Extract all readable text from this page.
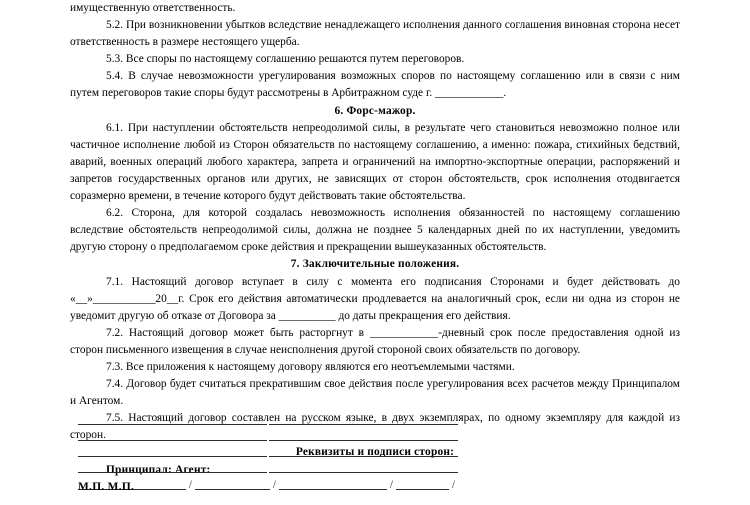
имущественную ответственность.

5.2. При возникновении убытков вследствие ненадлежащего исполнения данного соглашения виновная сторона несет ответственность в размере нестоящего ущерба.

5.3. Все споры по настоящему соглашению решаются путем переговоров.

5.4. В случае невозможности урегулирования возможных споров по настоящему соглашению или в связи с ним путем переговоров такие споры будут рассмотрены в Арбитражном суде г. ____________.

6. Форс-мажор.

6.1. При наступлении обстоятельств непреодолимой силы, в результате чего становиться невозможно полное или частичное исполнение любой из Сторон обязательств по настоящему соглашению, а именно: пожара, стихийных бедствий, аварий, военных операций любого характера, запрета и ограничений на импортно-экспортные операции, распоряжений и запретов государственных органов или других, не зависящих от сторон обстоятельств, срок исполнения отодвигается соразмерно времени, в течение которого будут действовать такие обстоятельства.

6.2. Сторона, для которой создалась невозможность исполнения обязанностей по настоящему соглашению вследствие обстоятельств непреодолимой силы, должна не позднее 5 календарных дней по их наступлении, уведомить другую сторону о предполагаемом сроке действия и прекращении вышеуказанных обстоятельств.

7. Заключительные положения.

7.1. Настоящий договор вступает в силу с момента его подписания Сторонами и будет действовать до «__»___________20__г. Срок его действия автоматически продлевается на аналогичный срок, если ни одна из сторон не уведомит другую об отказе от Договора за __________ до даты прекращения его действия.

7.2. Настоящий договор может быть расторгнут в ____________-дневный срок после предоставления одной из сторон письменного извещения в случае неисполнения другой стороной своих обязательств по договору.

7.3. Все приложения к настоящему договору являются его неотъемлемыми частями.

7.4. Договор будет считаться прекратившим свое действия после урегулирования всех расчетов между Принципалом и Агентом.

7.5. Настоящий договор составлен на русском языке, в двух экземплярах, по одному экземпляру для каждой из сторон.

Реквизиты и подписи сторон:

Принципал: Агент:

/	/	/	/
М.П. М.П.
